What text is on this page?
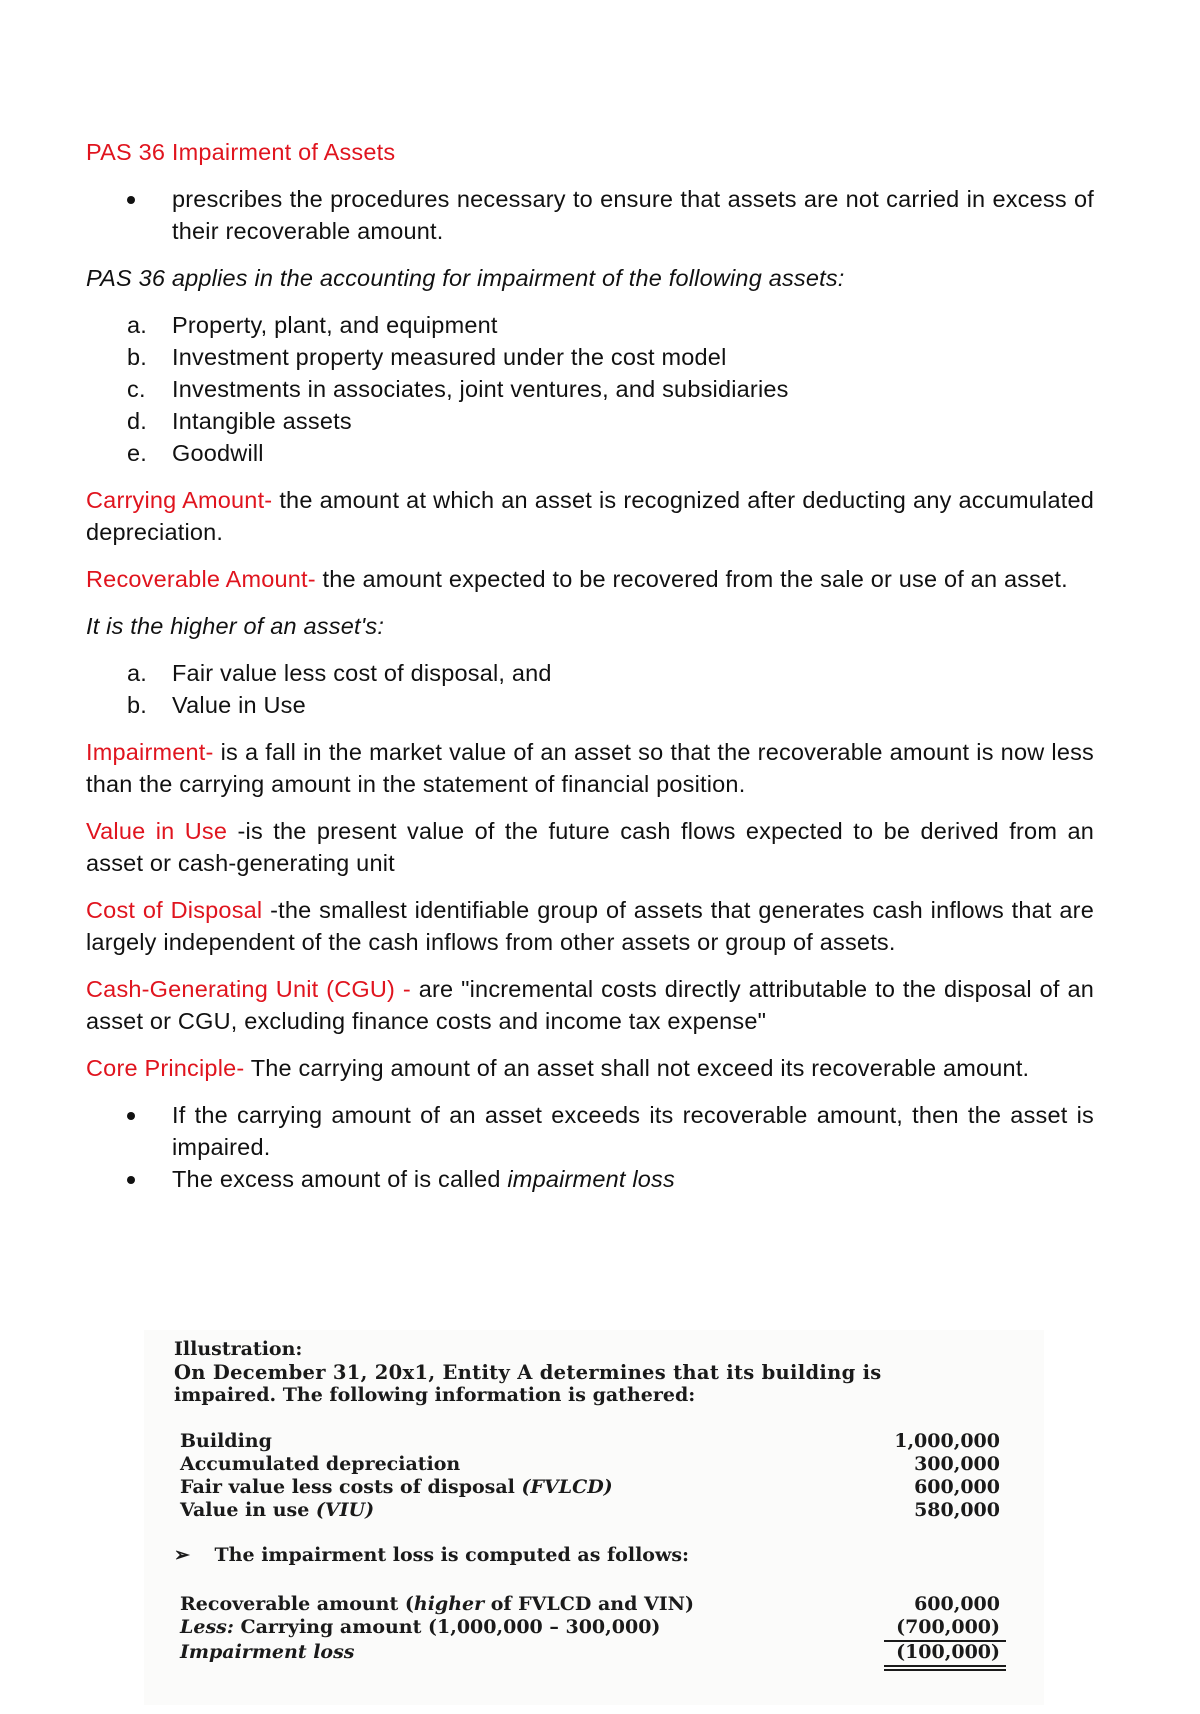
PAS 36 Impairment of Assets

prescribes the procedures necessary to ensure that assets are not carried in excess of their recoverable amount.

PAS 36 applies in the accounting for impairment of the following assets:

a. Property, plant, and equipment
b. Investment property measured under the cost model
c. Investments in associates, joint ventures, and subsidiaries
d. Intangible assets
e. Goodwill

Carrying Amount- the amount at which an asset is recognized after deducting any accumulated depreciation.

Recoverable Amount- the amount expected to be recovered from the sale or use of an asset.

It is the higher of an asset's:

a. Fair value less cost of disposal, and
b. Value in Use

Impairment- is a fall in the market value of an asset so that the recoverable amount is now less than the carrying amount in the statement of financial position.

Value in Use -is the present value of the future cash flows expected to be derived from an asset or cash-generating unit

Cost of Disposal -the smallest identifiable group of assets that generates cash inflows that are largely independent of the cash inflows from other assets or group of assets.

Cash-Generating Unit (CGU) - are "incremental costs directly attributable to the disposal of an asset or CGU, excluding finance costs and income tax expense"

Core Principle- The carrying amount of an asset shall not exceed its recoverable amount.

If the carrying amount of an asset exceeds its recoverable amount, then the asset is impaired.
The excess amount of is called impairment loss
Illustration:
On December 31, 20x1, Entity A determines that its building is
impaired. The following information is gathered:
Building	1,000,000
Accumulated depreciation	300,000
Fair value less costs of disposal (FVLCD)	600,000
Value in use (VIU)	580,000
➢ The impairment loss is computed as follows:
Recoverable amount (higher of FVLCD and VIN)	600,000
Less: Carrying amount (1,000,000 – 300,000)	(700,000)
Impairment loss	(100,000)
